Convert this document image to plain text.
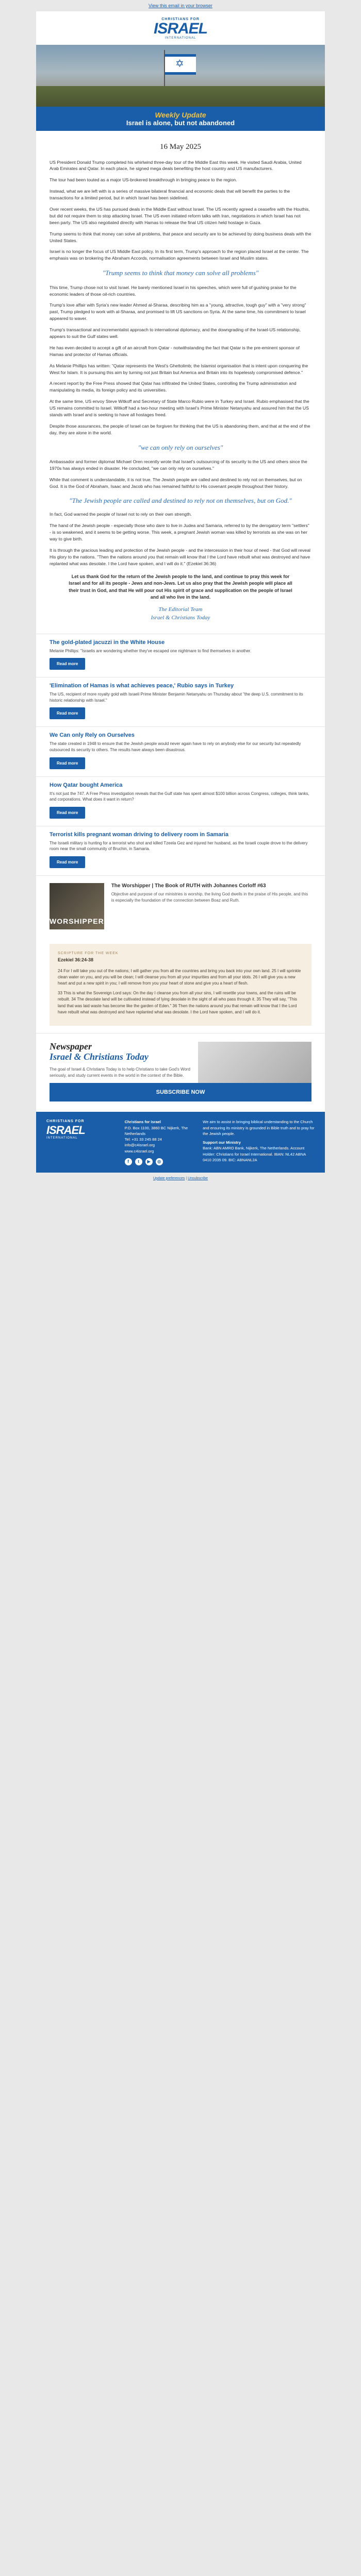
View this email in your browser
CHRISTIANS FOR
ISRAEL
INTERNATIONAL
✡
Weekly Update
Israel is alone, but not abandoned
16 May 2025

US President Donald Trump completed his whirlwind three-day tour of the Middle East this week. He visited Saudi Arabia, United Arab Emirates and Qatar. In each place, he signed mega deals benefiting the host country and US manufacturers.

The tour had been touted as a major US-brokered breakthrough in bringing peace to the region.

Instead, what we are left with is a series of massive bilateral financial and economic deals that will benefit the parties to the transactions for a limited period, but in which Israel has been sidelined.

Over recent weeks, the US has pursued deals in the Middle East without Israel. The US recently agreed a ceasefire with the Houthis, but did not require them to stop attacking Israel. The US even initiated reform talks with Iran, negotiations in which Israel has not been party. The US also negotiated directly with Hamas to release the final US citizen held hostage in Gaza.

Trump seems to think that money can solve all problems, that peace and security are to be achieved by doing business deals with the United States.

Israel is no longer the focus of US Middle East policy. In its first term, Trump's approach to the region placed Israel at the center. The emphasis was on brokering the Abraham Accords, normalisation agreements between Israel and Muslim states.

"Trump seems to think that money can solve all problems"

This time, Trump chose not to visit Israel. He barely mentioned Israel in his speeches, which were full of gushing praise for the economic leaders of those oil-rich countries.

Trump's love affair with Syria's new leader Ahmed al-Sharaa, describing him as a "young, attractive, tough guy" with a "very strong" past, Trump pledged to work with al-Sharaa, and promised to lift US sanctions on Syria. At the same time, his commitment to Israel appeared to waver.

Trump's transactional and incrementalist approach to international diplomacy, and the downgrading of the Israel-US relationship, appears to suit the Gulf states well.

He has even decided to accept a gift of an aircraft from Qatar - notwithstanding the fact that Qatar is the pre-eminent sponsor of Hamas and protector of Hamas officials.

As Melanie Phillips has written: "Qatar represents the West's Ghettolimb; the Islamist organisation that is intent upon conquering the West for Islam. It is pursuing this aim by turning not just Britain but America and Britain into its hopelessly compromised defence."

A recent report by the Free Press showed that Qatar has infiltrated the United States, controlling the Trump administration and manipulating its media, its foreign policy and its universities.

At the same time, US envoy Steve Witkoff and Secretary of State Marco Rubio were in Turkey and Israel. Rubio emphasised that the US remains committed to Israel. Witkoff had a two-hour meeting with Israel's Prime Minister Netanyahu and assured him that the US stands with Israel and is seeking to have all hostages freed.

Despite those assurances, the people of Israel can be forgiven for thinking that the US is abandoning them, and that at the end of the day, they are alone in the world.

"we can only rely on ourselves"

Ambassador and former diplomat Michael Oren recently wrote that Israel's outsourcing of its security to the US and others since the 1970s has always ended in disaster. He concluded, "we can only rely on ourselves."

While that comment is understandable, it is not true. The Jewish people are called and destined to rely not on themselves, but on God. It is the God of Abraham, Isaac and Jacob who has remained faithful to His covenant people throughout their history.

"The Jewish people are called and destined to rely not on themselves, but on God."

In fact, God warned the people of Israel not to rely on their own strength.

The hand of the Jewish people - especially those who dare to live in Judea and Samaria, referred to by the derogatory term "settlers" - is so weakened, and it seems to be getting worse. This week, a pregnant Jewish woman was killed by terrorists as she was on her way to give birth.

It is through the gracious leading and protection of the Jewish people - and the intercession in their hour of need - that God will reveal His glory to the nations. "Then the nations around you that remain will know that I the Lord have rebuilt what was destroyed and have replanted what was desolate. I the Lord have spoken, and I will do it." (Ezekiel 36:36)

Let us thank God for the return of the Jewish people to the land, and continue to pray this week for Israel and for all its people - Jews and non-Jews. Let us also pray that the Jewish people will place all their trust in God, and that He will pour out His spirit of grace and supplication on the people of Israel and all who live in the land.
The Editorial Team
Israel & Christians Today
The gold-plated jacuzzi in the White House

Melanie Phillips: "Israelis are wondering whether they've escaped one nightmare to find themselves in another.

Read more
'Elimination of Hamas is what achieves peace,' Rubio says in Turkey

The US, recipient of more royalty gold with Israeli Prime Minister Benjamin Netanyahu on Thursday about "the deep U.S. commitment to its historic relationship with Israel."

Read more
We Can only Rely on Ourselves

The state created in 1948 to ensure that the Jewish people would never again have to rely on anybody else for our security but repeatedly outsourced its security to others. The results have always been disastrous.

Read more
How Qatar bought America

It's not just the 747. A Free Press investigation reveals that the Gulf state has spent almost $100 billion across Congress, colleges, think tanks, and corporations. What does it want in return?

Read more
Terrorist kills pregnant woman driving to delivery room in Samaria

The Israeli military is hunting for a terrorist who shot and killed Tzeela Gez and injured her husband, as the Israeli couple drove to the delivery room near the small community of Bruchin, in Samaria.

Read more
WORSHIPPER
The Worshipper | The Book of RUTH with Johannes Corloff #63

Objective and purpose of our ministries is worship, the living God dwells in the praise of His people, and this is especially the foundation of the connection between Boaz and Ruth.

SCRIPTURE FOR THE WEEK
Ezekiel 36:24-38

24 For I will take you out of the nations; I will gather you from all the countries and bring you back into your own land. 25 I will sprinkle clean water on you, and you will be clean; I will cleanse you from all your impurities and from all your idols. 26 I will give you a new heart and put a new spirit in you; I will remove from you your heart of stone and give you a heart of flesh.

33 This is what the Sovereign Lord says: On the day I cleanse you from all your sins, I will resettle your towns, and the ruins will be rebuilt. 34 The desolate land will be cultivated instead of lying desolate in the sight of all who pass through it. 35 They will say, "This land that was laid waste has become like the garden of Eden." 36 Then the nations around you that remain will know that I the Lord have rebuilt what was destroyed and have replanted what was desolate. I the Lord have spoken, and I will do it.

Newspaper
Israel & Christians Today

The goal of Israel & Christians Today is to help Christians to take God's Word seriously, and study current events in the world in the context of the Bible.

SUBSCRIBE NOW
CHRISTIANS FOR
ISRAEL
INTERNATIONAL
Christians for Israel
P.O. Box 1100, 3860 BC Nijkerk, The Netherlands
Tel: +31 33 245 88 24
info@c4israel.org
www.c4israel.org
f	t	▶	◎
We aim to assist in bringing biblical understanding to the Church and ensuring its ministry is grounded in Bible truth and to pray for the Jewish people.
Support our Ministry
Bank: ABN AMRO Bank, Nijkerk, The Netherlands. Account Holder: Christians for Israel International. IBAN: NL42 ABNA 0410 2035 09. BIC: ABNANL2A
Update preferences | Unsubscribe
